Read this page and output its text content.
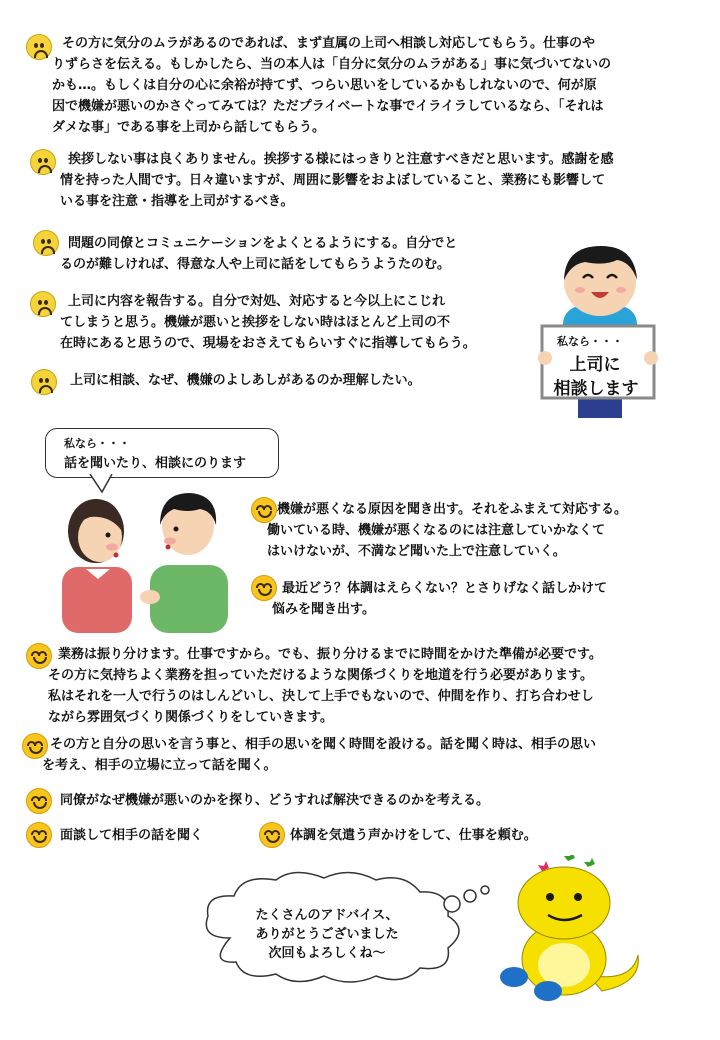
その方に気分のムラがあるのであれば、まず直属の上司へ相談し対応してもらう。仕事のや
りずらさを伝える。もしかしたら、当の本人は「自分に気分のムラがある」事に気づいてないの
かも…。もしくは自分の心に余裕が持てず、つらい思いをしているかもしれないので、何が原
因で機嫌が悪いのかさぐってみては？ただプライベートな事でイライラしているなら、「それは
ダメな事」である事を上司から話してもらう。
挨拶しない事は良くありません。挨拶する様にはっきりと注意すべきだと思います。感謝を感
情を持った人間です。日々違いますが、周囲に影響をおよぼしていること、業務にも影響して
いる事を注意・指導を上司がするべき。
問題の同僚とコミュニケーションをよくとるようにする。自分でと
るのが難しければ、得意な人や上司に話をしてもらうようたのむ。
上司に内容を報告する。自分で対処、対応すると今以上にこじれ
てしまうと思う。機嫌が悪いと挨拶をしない時はほとんど上司の不
在時にあると思うので、現場をおさえてもらいすぐに指導してもらう。
上司に相談、なぜ、機嫌のよしあしがあるのか理解したい。
私なら・・・
上司に
相談します
私なら・・・
話を聞いたり、相談にのります
機嫌が悪くなる原因を聞き出す。それをふまえて対応する。
働いている時、機嫌が悪くなるのには注意していかなくて
はいけないが、不満など聞いた上で注意していく。
最近どう？体調はえらくない？とさりげなく話しかけて
悩みを聞き出す。
業務は振り分けます。仕事ですから。でも、振り分けるまでに時間をかけた準備が必要です。
その方に気持ちよく業務を担っていただけるような関係づくりを地道を行う必要があります。
私はそれを一人で行うのはしんどいし、決して上手でもないので、仲間を作り、打ち合わせし
ながら雰囲気づくり関係づくりをしていきます。
その方と自分の思いを言う事と、相手の思いを聞く時間を設ける。話を聞く時は、相手の思い
を考え、相手の立場に立って話を聞く。
同僚がなぜ機嫌が悪いのかを探り、どうすれば解決できるのかを考える。
面談して相手の話を聞く	体調を気遣う声かけをして、仕事を頼む。
たくさんのアドバイス、
ありがとうございました
次回もよろしくね〜
